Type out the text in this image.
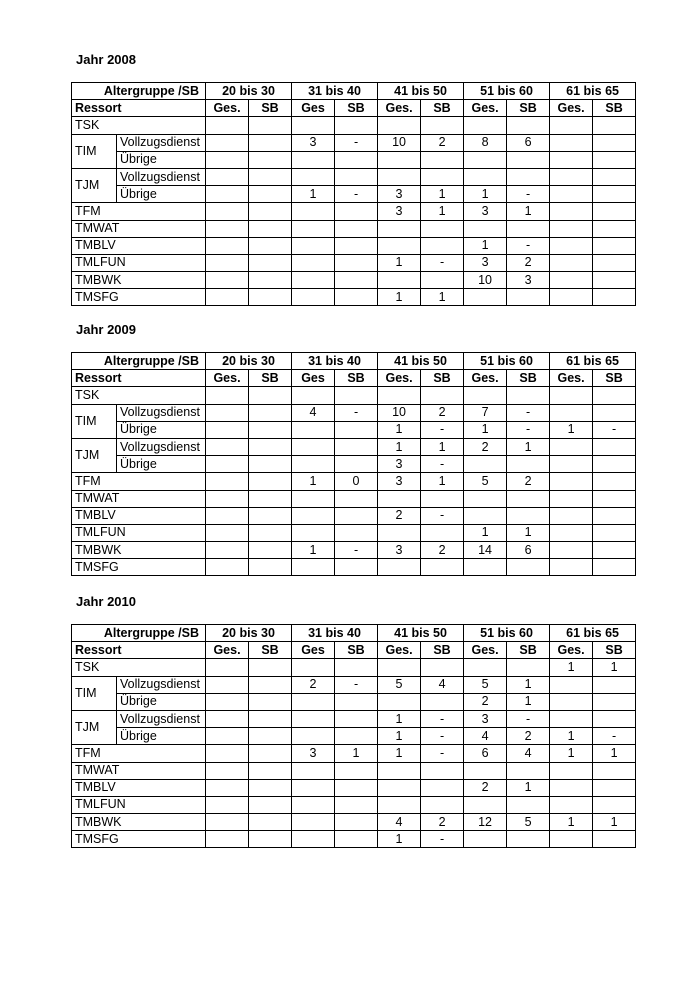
Jahr 2008
Altergruppe /SB		20 bis 30		31 bis 40		41 bis 50		51 bis 60		61 bis 65	
Ressort		Ges.	SB	Ges	SB	Ges.	SB	Ges.	SB	Ges.	SB
TSK											
TIM	Vollzugsdienst			3	-	10	2	8	6		
	Übrige										
TJM	Vollzugsdienst										
	Übrige			1	-	3	1	1	-		
TFM						3	1	3	1		
TMWAT											
TMBLV								1	-		
TMLFUN						1	-	3	2		
TMBWK								10	3		
TMSFG						1	1				
Jahr 2009
Altergruppe /SB		20 bis 30		31 bis 40		41 bis 50		51 bis 60		61 bis 65	
Ressort		Ges.	SB	Ges	SB	Ges.	SB	Ges.	SB	Ges.	SB
TSK											
TIM	Vollzugsdienst			4	-	10	2	7	-		
	Übrige					1	-	1	-	1	-
TJM	Vollzugsdienst					1	1	2	1		
	Übrige					3	-				
TFM				1	0	3	1	5	2		
TMWAT											
TMBLV						2	-				
TMLFUN								1	1		
TMBWK				1	-	3	2	14	6		
TMSFG											
Jahr 2010
Altergruppe /SB		20 bis 30		31 bis 40		41 bis 50		51 bis 60		61 bis 65	
Ressort		Ges.	SB	Ges	SB	Ges.	SB	Ges.	SB	Ges.	SB
TSK										1	1
TIM	Vollzugsdienst			2	-	5	4	5	1		
	Übrige							2	1		
TJM	Vollzugsdienst					1	-	3	-		
	Übrige					1	-	4	2	1	-
TFM				3	1	1	-	6	4	1	1
TMWAT											
TMBLV								2	1		
TMLFUN											
TMBWK						4	2	12	5	1	1
TMSFG						1	-				
